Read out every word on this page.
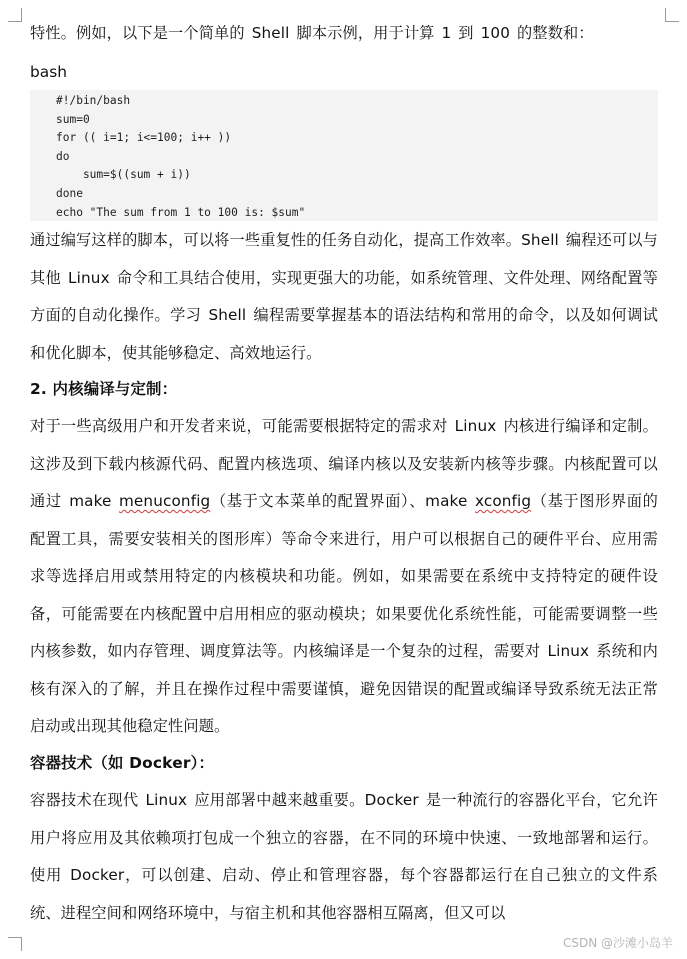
特性。例如，以下是一个简单的 Shell 脚本示例，用于计算 1 到 100 的整数和：
bash
#!/bin/bash
sum=0
for (( i=1; i<=100; i++ ))
do
sum=$((sum + i))
done
echo "The sum from 1 to 100 is: $sum"
通过编写这样的脚本，可以将一些重复性的任务自动化，提高工作效率。Shell 编程还可以与其他 Linux 命令和工具结合使用，实现更强大的功能，如系统管理、文件处理、网络配置等方面的自动化操作。学习 Shell 编程需要掌握基本的语法结构和常用的命令，以及如何调试和优化脚本，使其能够稳定、高效地运行。
2. 内核编译与定制：
对于一些高级用户和开发者来说，可能需要根据特定的需求对 Linux 内核进行编译和定制。这涉及到下载内核源代码、配置内核选项、编译内核以及安装新内核等步骤。内核配置可以通过 make menuconfig（基于文本菜单的配置界面）、make xconfig（基于图形界面的配置工具，需要安装相关的图形库）等命令来进行，用户可以根据自己的硬件平台、应用需求等选择启用或禁用特定的内核模块和功能。例如，如果需要在系统中支持特定的硬件设备，可能需要在内核配置中启用相应的驱动模块；如果要优化系统性能，可能需要调整一些内核参数，如内存管理、调度算法等。内核编译是一个复杂的过程，需要对 Linux 系统和内核有深入的了解，并且在操作过程中需要谨慎，避免因错误的配置或编译导致系统无法正常启动或出现其他稳定性问题。
容器技术（如 Docker）：
容器技术在现代 Linux 应用部署中越来越重要。Docker 是一种流行的容器化平台，它允许用户将应用及其依赖项打包成一个独立的容器，在不同的环境中快速、一致地部署和运行。使用 Docker，可以创建、启动、停止和管理容器，每个容器都运行在自己独立的文件系统、进程空间和网络环境中，与宿主机和其他容器相互隔离，但又可以
CSDN @沙滩小岛羊
